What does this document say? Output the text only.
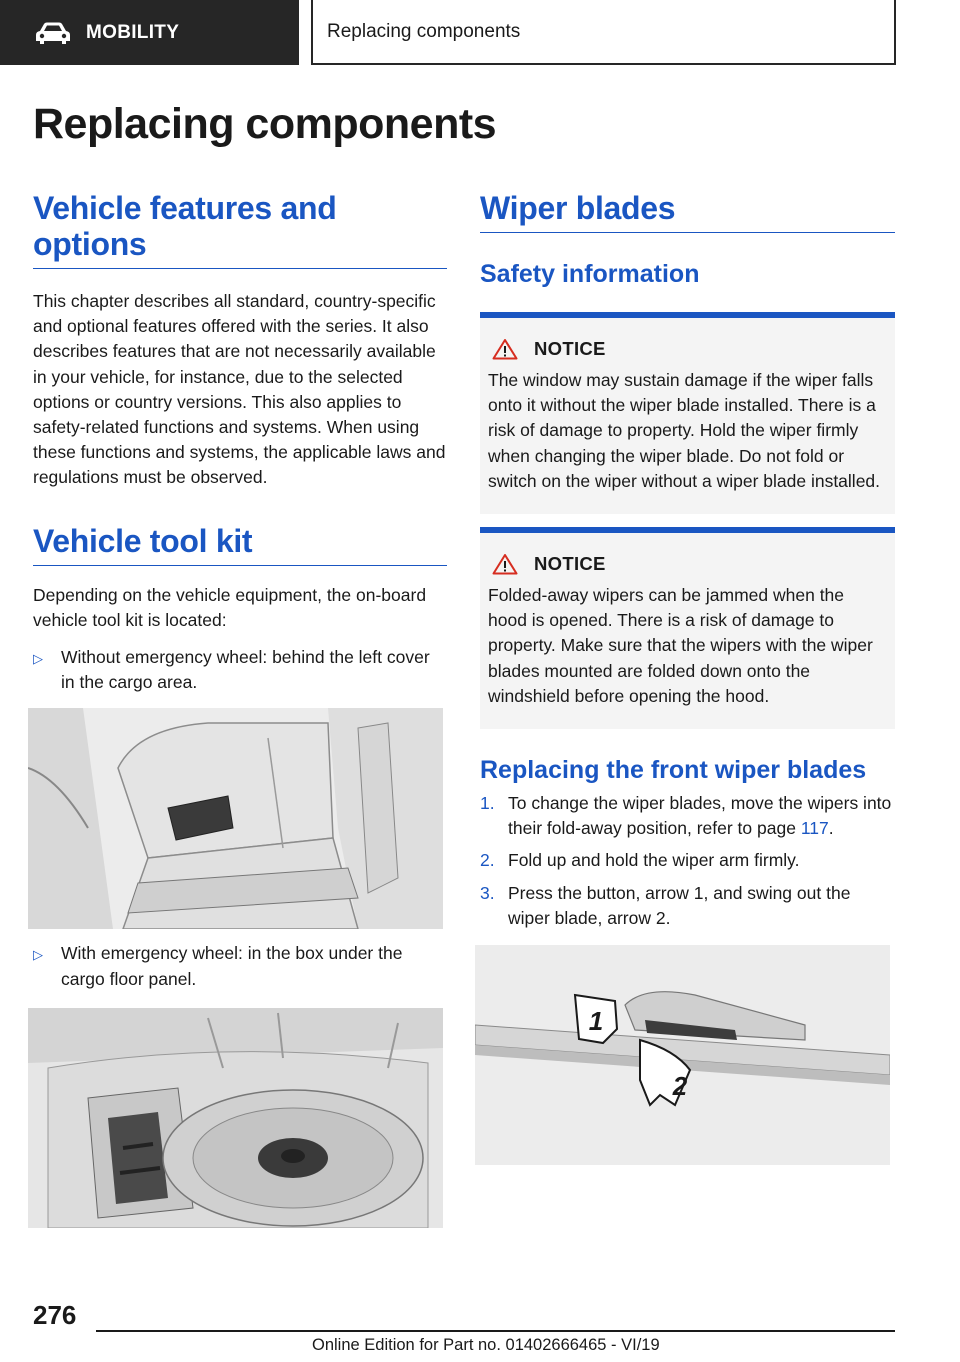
MOBILITY	Replacing components
Replacing components
Vehicle features and options

This chapter describes all standard, country-specific and optional features offered with the series. It also describes features that are not necessarily available in your vehicle, for instance, due to the selected options or country versions. This also applies to safety-related functions and systems. When using these functions and systems, the applicable laws and regulations must be observed.

Vehicle tool kit

Depending on the vehicle equipment, the on-board vehicle tool kit is located:

▷	Without emergency wheel: behind the left cover in the cargo area.
▷	With emergency wheel: in the box under the cargo floor panel.
Wiper blades
Safety information
NOTICE

The window may sustain damage if the wiper falls onto it without the wiper blade installed. There is a risk of damage to property. Hold the wiper firmly when changing the wiper blade. Do not fold or switch on the wiper without a wiper blade installed.

NOTICE

Folded-away wipers can be jammed when the hood is opened. There is a risk of damage to property. Make sure that the wipers with the wiper blades mounted are folded down onto the windshield before opening the hood.

Replacing the front wiper blades
1. To change the wiper blades, move the wipers into their fold-away position, refer to page 117.
2. Fold up and hold the wiper arm firmly.
3. Press the button, arrow 1, and swing out the wiper blade, arrow 2.
1
2
276
Online Edition for Part no. 01402666465 - VI/19
